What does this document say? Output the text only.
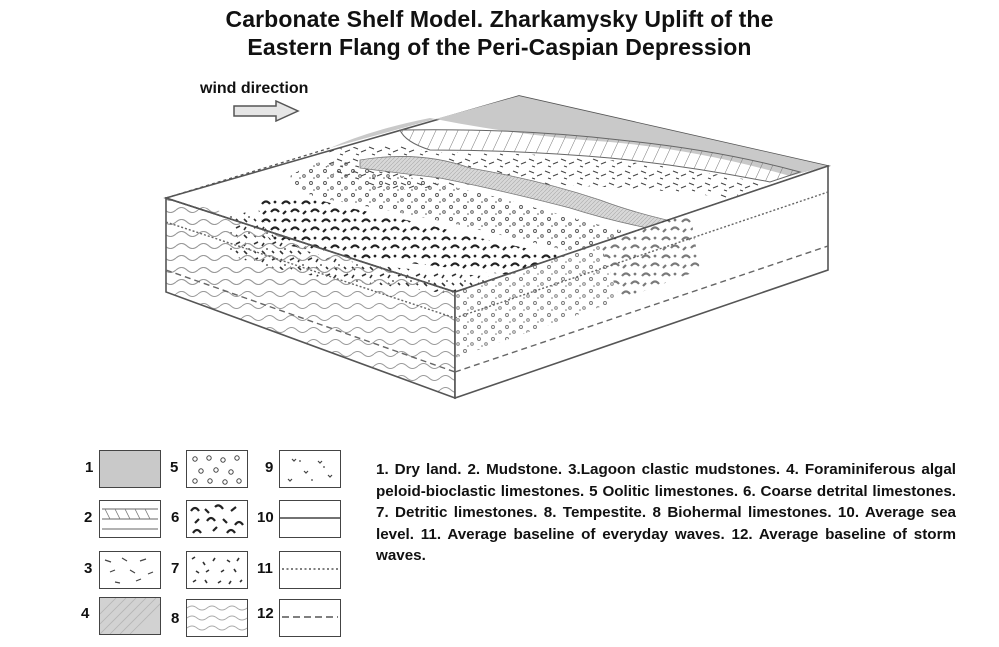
Carbonate Shelf Model. Zharkamysky Uplift of the
Eastern Flang of the Peri-Caspian Depression
wind direction
1
2
3
4
5
6
7
8
9
10
11
12
1. Dry land. 2. Mudstone. 3.Lagoon clastic mudstones. 4. Foraminiferous algal peloid-bioclastic limestones. 5 Oolitic limestones. 6. Coarse detrital limestones. 7. Detritic limestones. 8. Tempestite. 8 Biohermal limestones. 10. Average sea level. 11. Average baseline of everyday waves. 12. Average baseline of storm waves.
